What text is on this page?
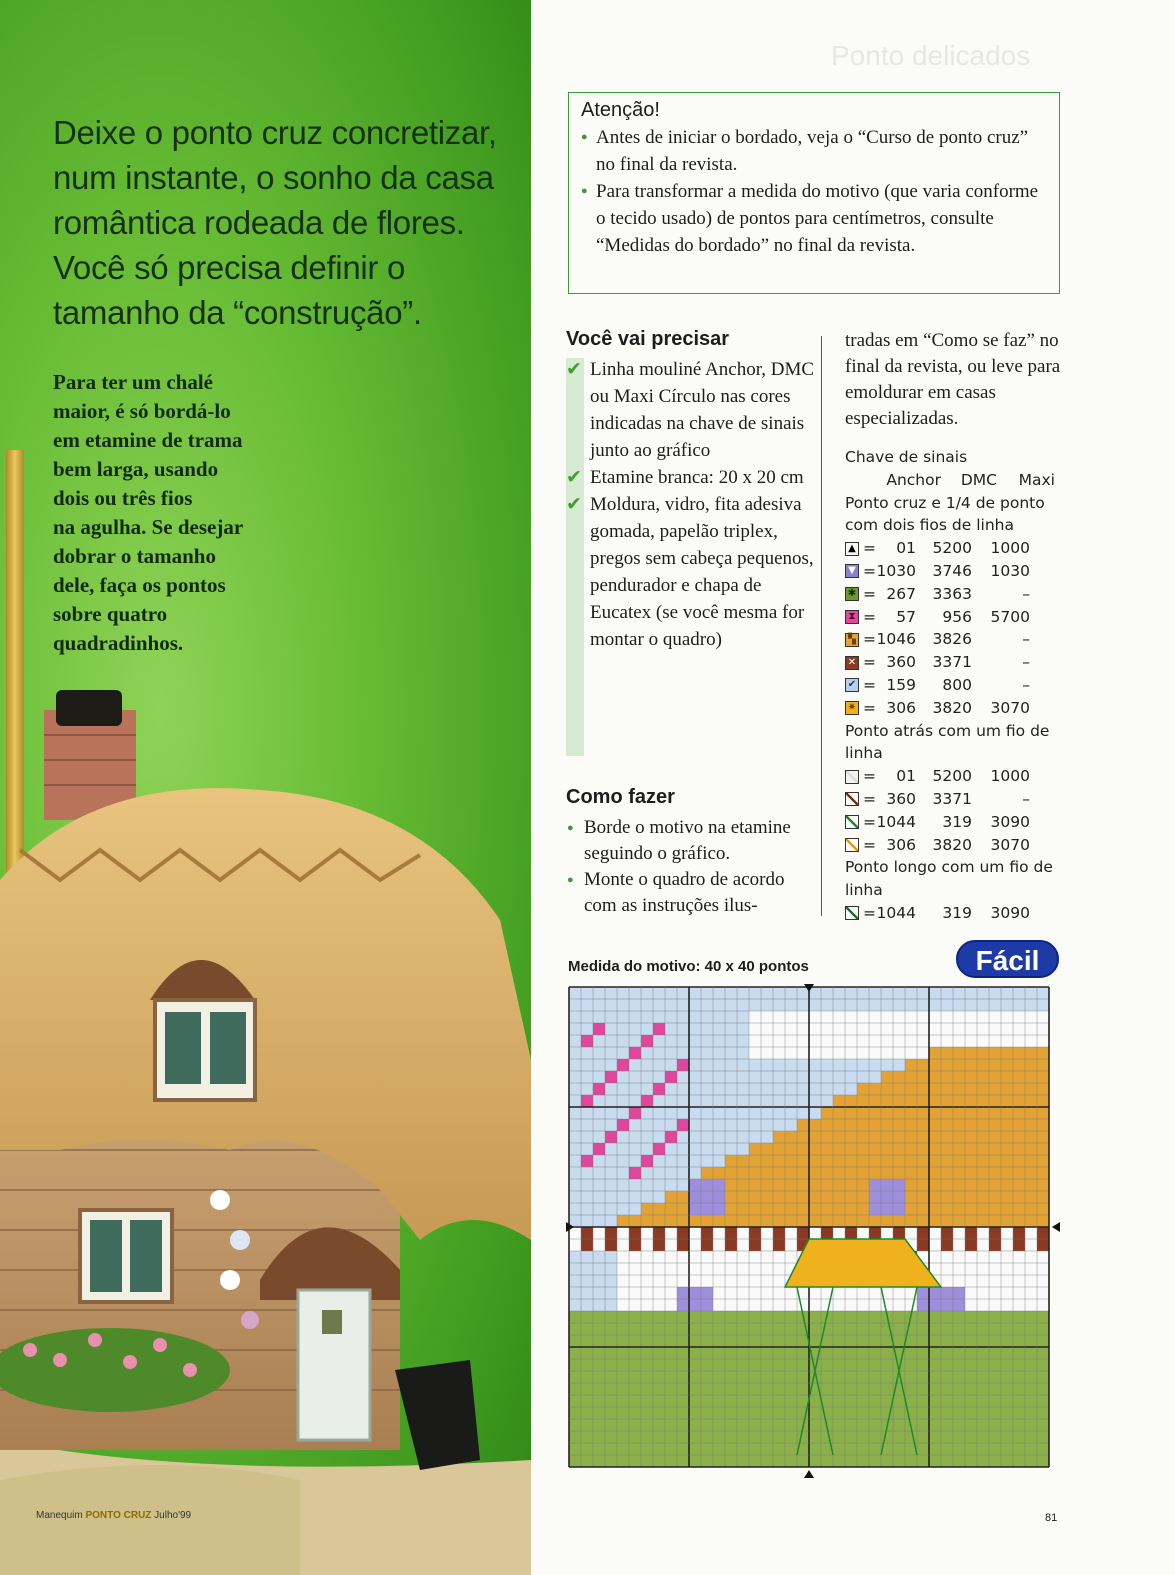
Deixe o ponto cruz concretizar,
num instante, o sonho da casa
romântica rodeada de flores.
Você só precisa definir o
tamanho da “construção”.

Para ter um chalé
maior, é só bordá-lo
em etamine de trama
bem larga, usando
dois ou três fios
na agulha. Se desejar
dobrar o tamanho
dele, faça os pontos
sobre quatro
quadradinhos.

Manequim PONTO CRUZ Julho'99
Ponto delicados
Atenção!
● Antes de iniciar o bordado, veja o “Curso de ponto cruz” no final da revista.
● Para transformar a medida do motivo (que varia conforme o tecido usado) de pontos para centímetros, consulte “Medidas do bordado” no final da revista.
Você vai precisar
✔ Linha mouliné Anchor, DMC ou Maxi Círculo nas cores indicadas na chave de sinais junto ao gráfico
✔ Etamine branca: 20 x 20 cm
✔ Moldura, vidro, fita adesiva gomada, papelão triplex, pregos sem cabeça pequenos, pendurador e chapa de Eucatex (se você mesma for montar o quadro)
Como fazer
● Borde o motivo na etamine seguindo o gráfico.
● Monte o quadro de acordo com as instruções ilus-

tradas em “Como se faz” no final da revista, ou leve para emoldurar em casas especializadas.

Chave de sinais
Anchor	DMC	Maxi
Ponto cruz e 1/4 de ponto com dois fios de linha
▲ =	01	5200	1000
▼ = 1030	3746	1030
✱ = 267	3363	–
⧗ =	57	956	5700
▚ = 1046	3826	–
✕ = 360	3371	–
✔ = 159	800	–
✷ = 306	3820	3070
Ponto atrás com um fio de linha
=	01	5200	1000
= 360	3371	–
= 1044	319	3090
= 306	3820	3070
Ponto longo com um fio de linha
= 1044	319	3090
Fácil
Medida do motivo: 40 x 40 pontos
81
